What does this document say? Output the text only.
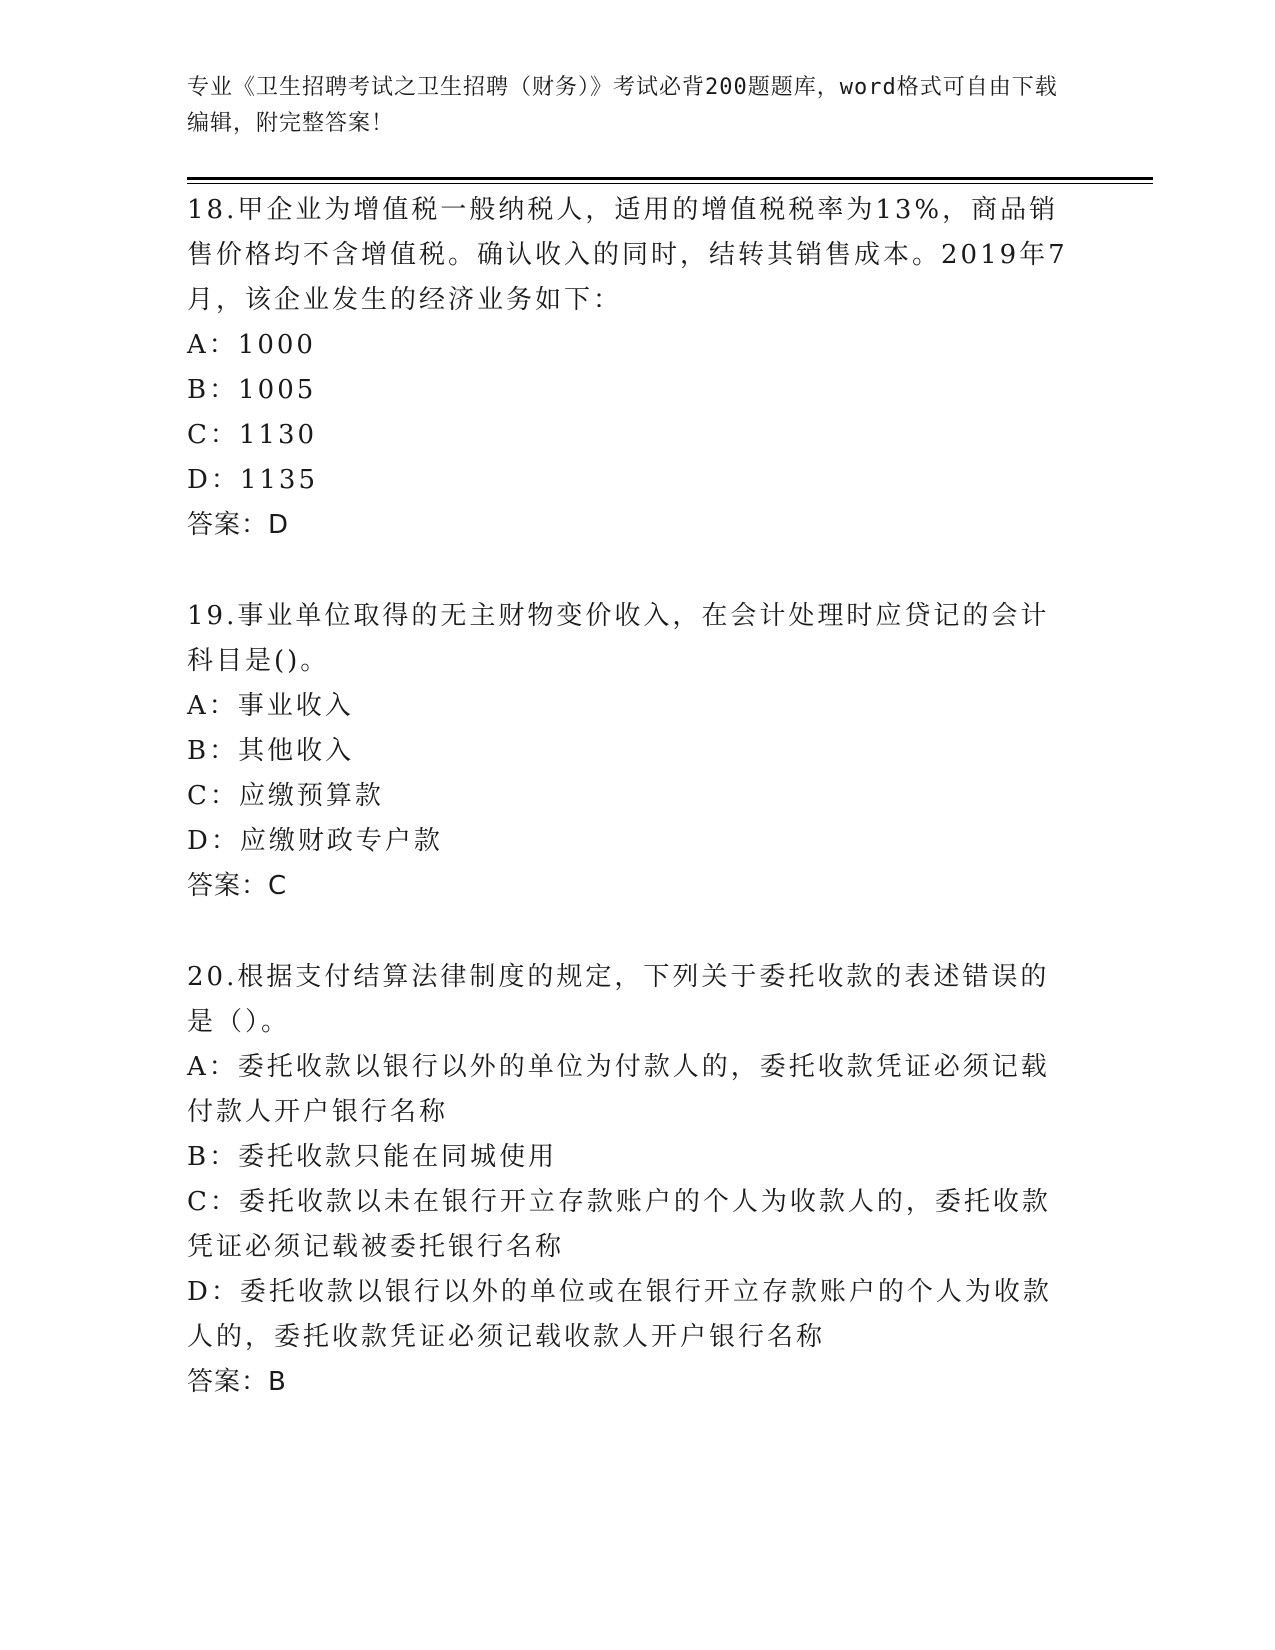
专业《卫生招聘考试之卫生招聘（财务）》考试必背200题题库，word格式可自由下载编辑，附完整答案！

18.甲企业为增值税一般纳税人，适用的增值税税率为13%，商品销售价格均不含增值税。确认收入的同时，结转其销售成本。2019年7月，该企业发生的经济业务如下：

A：1000

B：1005

C：1130

D：1135

答案：D

19.事业单位取得的无主财物变价收入，在会计处理时应贷记的会计科目是()。

A：事业收入

B：其他收入

C：应缴预算款

D：应缴财政专户款

答案：C

20.根据支付结算法律制度的规定，下列关于委托收款的表述错误的是（）。

A：委托收款以银行以外的单位为付款人的，委托收款凭证必须记载付款人开户银行名称

B：委托收款只能在同城使用

C：委托收款以未在银行开立存款账户的个人为收款人的，委托收款凭证必须记载被委托银行名称

D：委托收款以银行以外的单位或在银行开立存款账户的个人为收款人的，委托收款凭证必须记载收款人开户银行名称

答案：B
